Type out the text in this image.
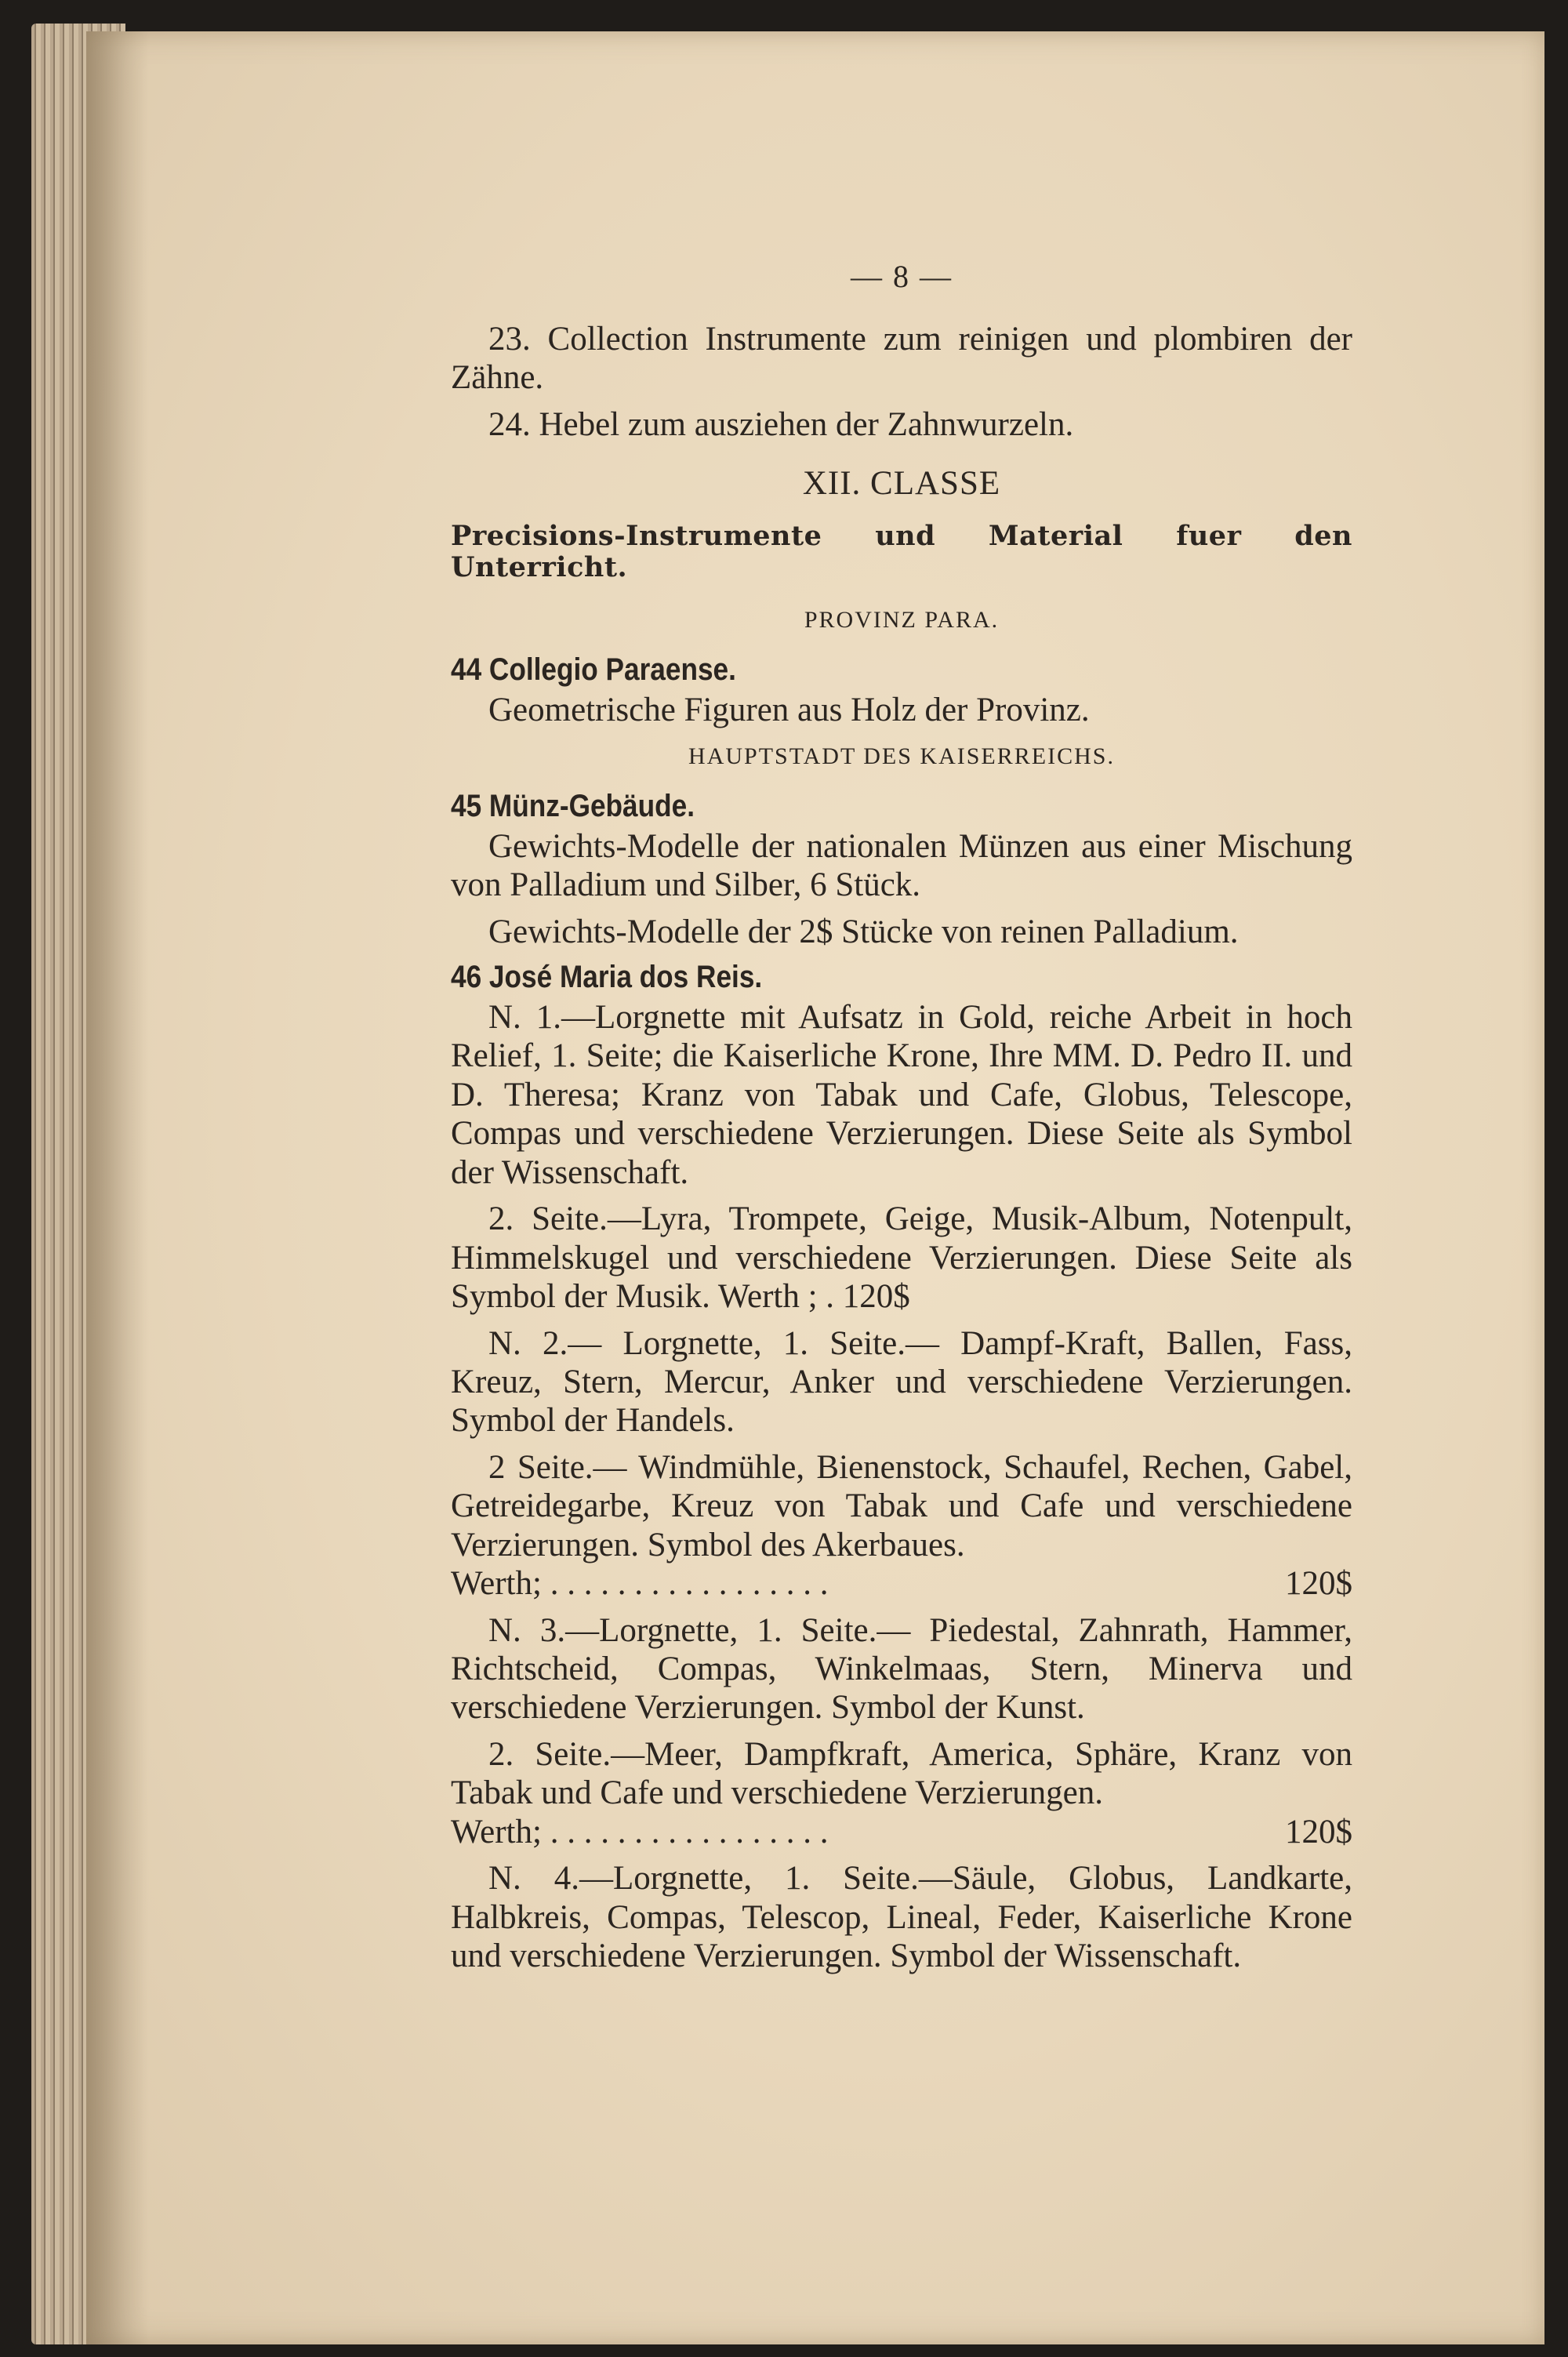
— 8 —

23. Collection Instrumente zum reinigen und plombiren der Zähne.

24. Hebel zum ausziehen der Zahnwurzeln.

XII. CLASSE
Precisions-Instrumente und Material fuer den Unterricht.
PROVINZ PARA.
44 Collegio Paraense.

Geometrische Figuren aus Holz der Provinz.

HAUPTSTADT DES KAISERREICHS.
45 Münz-Gebäude.

Gewichts-Modelle der nationalen Münzen aus einer Mischung von Palladium und Silber, 6 Stück.

Gewichts-Modelle der 2$ Stücke von reinen Palladium.

46 José Maria dos Reis.

N. 1.—Lorgnette mit Aufsatz in Gold, reiche Arbeit in hoch Relief, 1. Seite; die Kaiserliche Krone, Ihre MM. D. Pedro II. und D. Theresa; Kranz von Tabak und Cafe, Globus, Telescope, Compas und verschiedene Verzierungen. Diese Seite als Symbol der Wissenschaft.

2. Seite.—Lyra, Trompete, Geige, Musik-Album, Notenpult, Himmelskugel und verschiedene Verzierungen. Diese Seite als Symbol der Musik. Werth ; . 120$

N. 2.— Lorgnette, 1. Seite.— Dampf-Kraft, Ballen, Fass, Kreuz, Stern, Mercur, Anker und verschiedene Verzierungen. Symbol der Handels.

2 Seite.— Windmühle, Bienenstock, Schaufel, Rechen, Gabel, Getreidegarbe, Kreuz von Tabak und Cafe und verschiedene Verzierungen. Symbol des Akerbaues.

Werth; . . . . . . . . . . . . . . . . .	120$

N. 3.—Lorgnette, 1. Seite.— Piedestal, Zahnrath, Hammer, Richtscheid, Compas, Winkelmaas, Stern, Minerva und verschiedene Verzierungen. Symbol der Kunst.

2. Seite.—Meer, Dampfkraft, America, Sphäre, Kranz von Tabak und Cafe und verschiedene Verzierungen.

Werth; . . . . . . . . . . . . . . . . .	120$

N. 4.—Lorgnette, 1. Seite.—Säule, Globus, Landkarte, Halbkreis, Compas, Telescop, Lineal, Feder, Kaiserliche Krone und verschiedene Verzierungen. Symbol der Wissenschaft.
